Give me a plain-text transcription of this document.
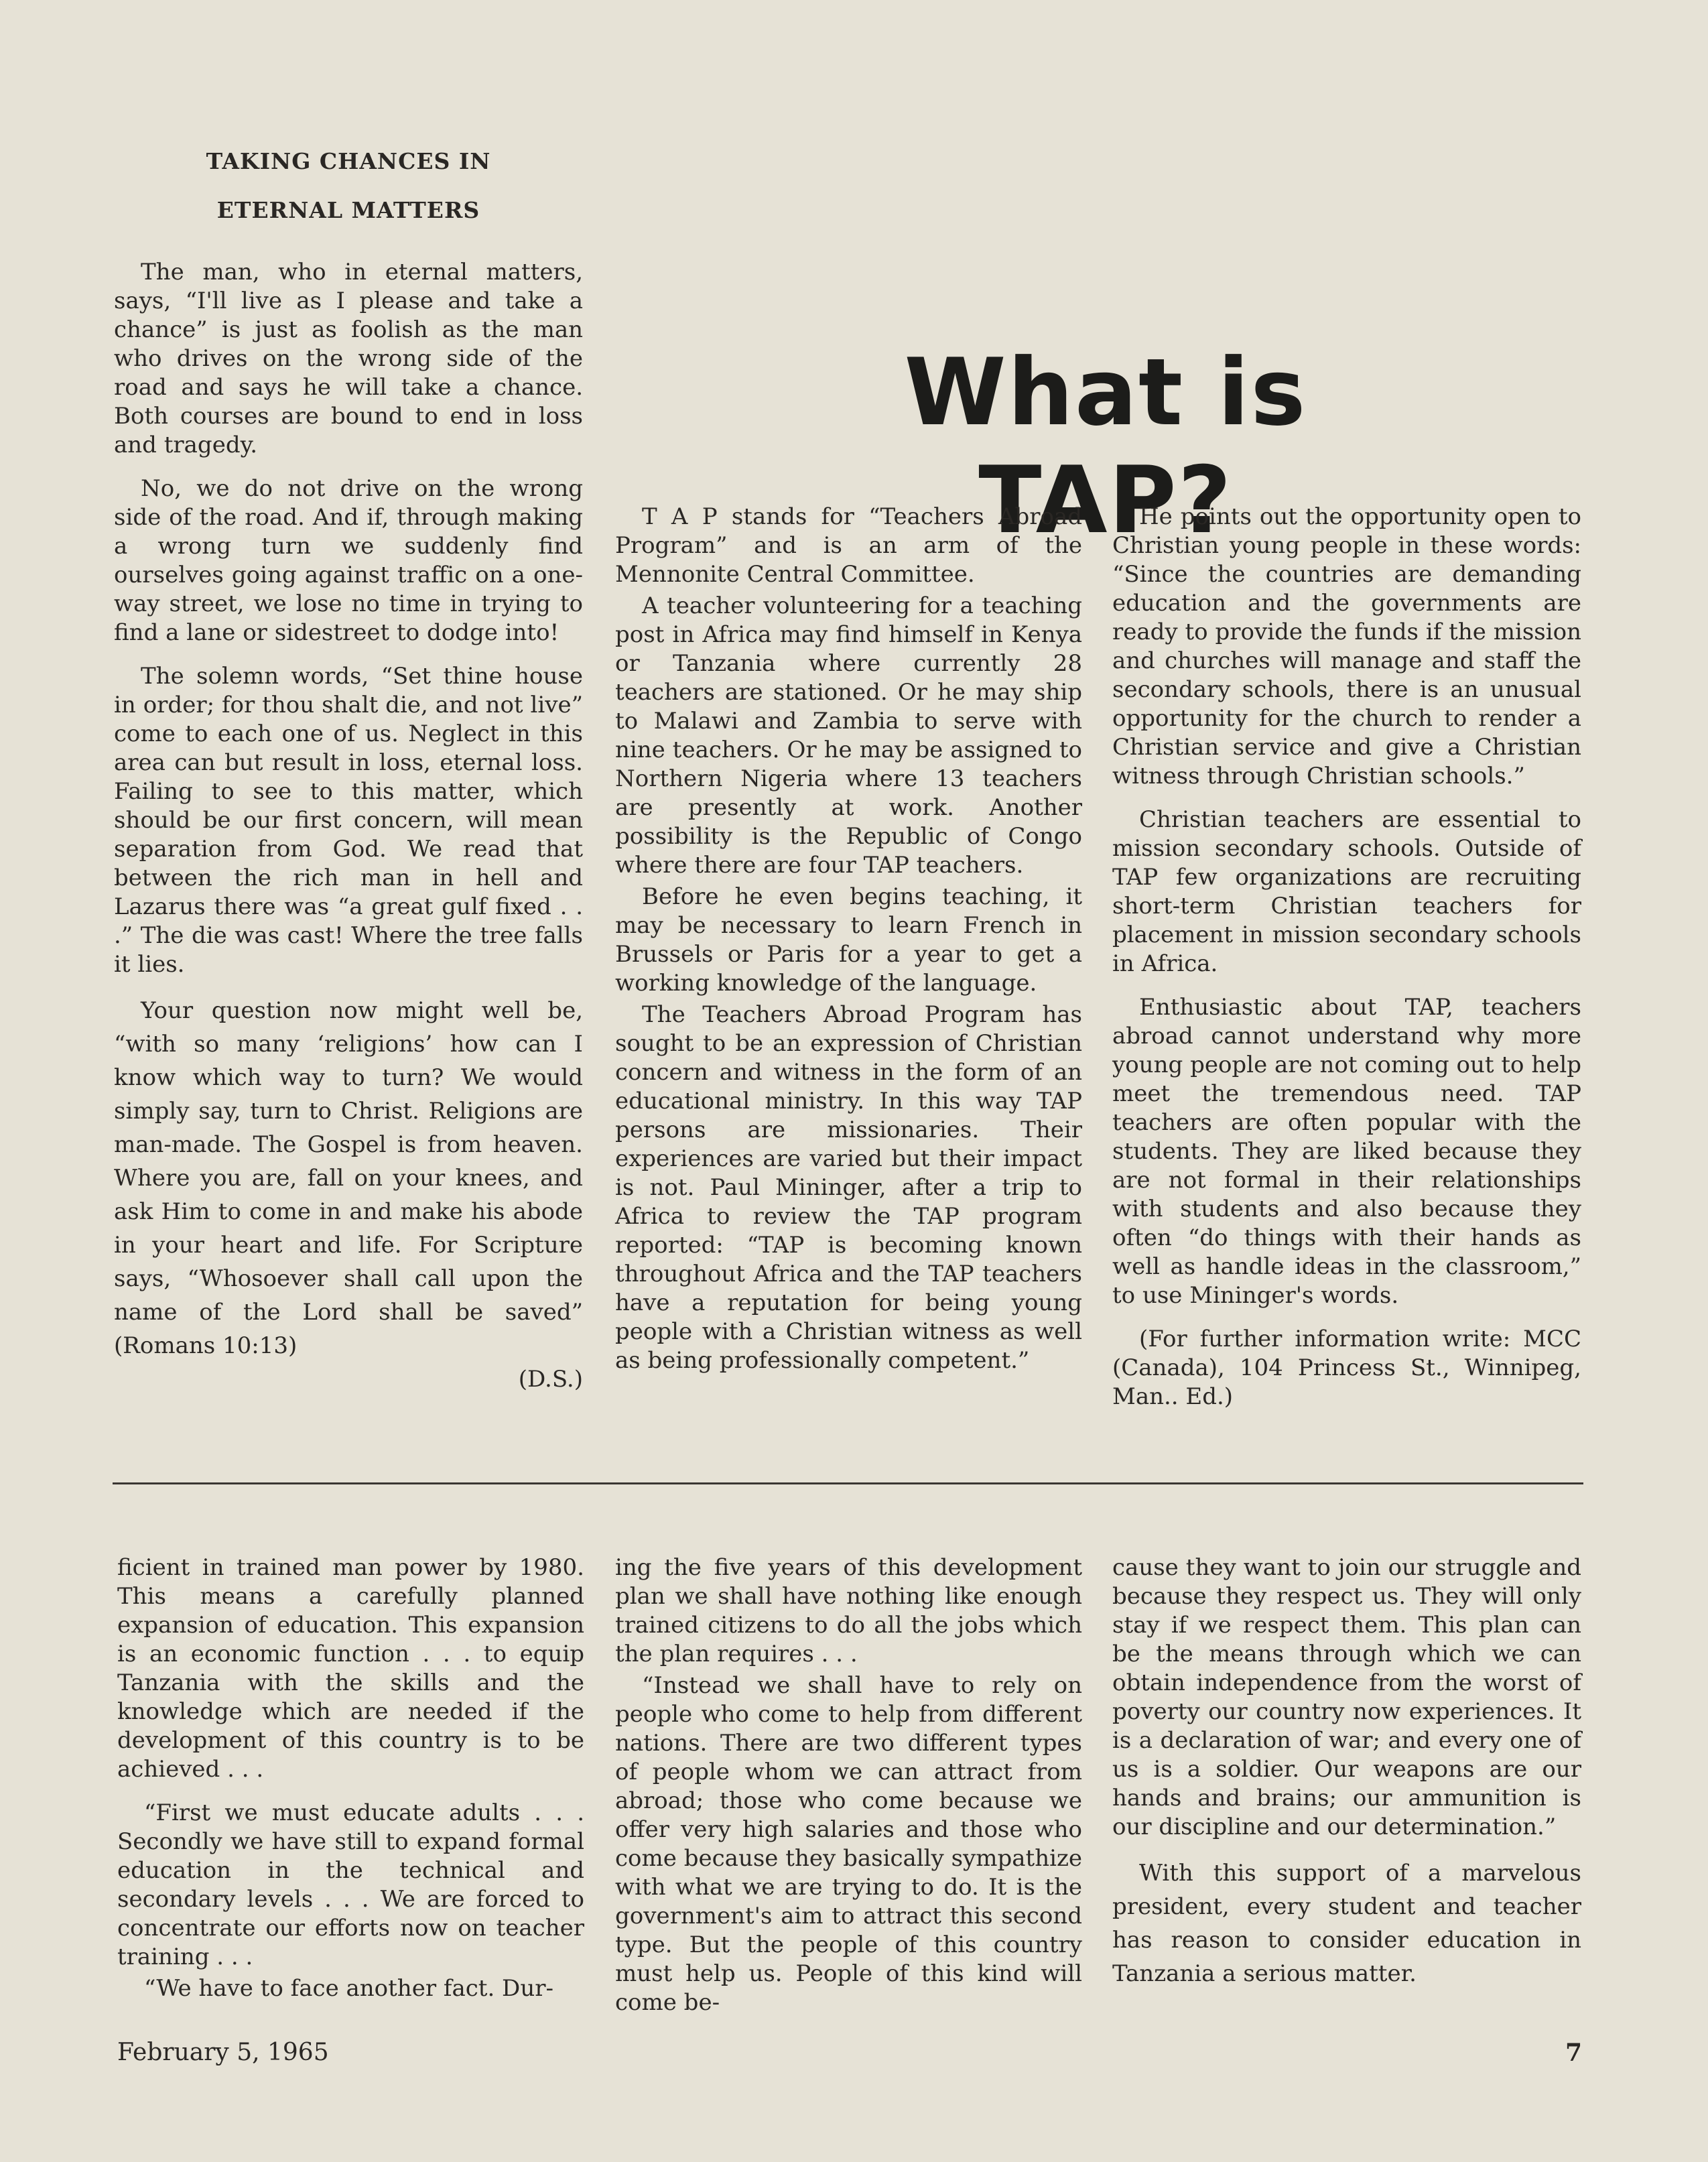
TAKING CHANCES IN
ETERNAL MATTERS

The man, who in eternal matters, says, “I'll live as I please and take a chance” is just as foolish as the man who drives on the wrong side of the road and says he will take a chance. Both courses are bound to end in loss and tragedy.

No, we do not drive on the wrong side of the road. And if, through making a wrong turn we suddenly find ourselves going against traffic on a one-way street, we lose no time in trying to find a lane or sidestreet to dodge into!

The solemn words, “Set thine house in order; for thou shalt die, and not live” come to each one of us. Neglect in this area can but result in loss, eternal loss. Failing to see to this matter, which should be our first concern, will mean separation from God. We read that between the rich man in hell and Lazarus there was “a great gulf fixed . . .” The die was cast! Where the tree falls it lies.

Your question now might well be, “with so many ‘religions’ how can I know which way to turn? We would simply say, turn to Christ. Religions are man-made. The Gospel is from heaven. Where you are, fall on your knees, and ask Him to come in and make his abode in your heart and life. For Scripture says, “Whosoever shall call upon the name of the Lord shall be saved” (Romans 10:13)

(D.S.)

What is TAP?

T A P stands for “Teachers Abroad Program” and is an arm of the Mennonite Central Committee.

A teacher volunteering for a teaching post in Africa may find himself in Kenya or Tanzania where currently 28 teachers are stationed. Or he may ship to Malawi and Zambia to serve with nine teachers. Or he may be assigned to Northern Nigeria where 13 teachers are presently at work. Another possibility is the Republic of Congo where there are four TAP teachers.

Before he even begins teaching, it may be necessary to learn French in Brussels or Paris for a year to get a working knowledge of the language.

The Teachers Abroad Program has sought to be an expression of Christian concern and witness in the form of an educational ministry. In this way TAP persons are missionaries. Their experiences are varied but their impact is not. Paul Mininger, after a trip to Africa to review the TAP program reported: “TAP is becoming known throughout Africa and the TAP teachers have a reputation for being young people with a Christian witness as well as being professionally competent.”

He points out the opportunity open to Christian young people in these words: “Since the countries are demanding education and the governments are ready to provide the funds if the mission and churches will manage and staff the secondary schools, there is an unusual opportunity for the church to render a Christian service and give a Christian witness through Christian schools.”

Christian teachers are essential to mission secondary schools. Outside of TAP few organizations are recruiting short-term Christian teachers for placement in mission secondary schools in Africa.

Enthusiastic about TAP, teachers abroad cannot understand why more young people are not coming out to help meet the tremendous need. TAP teachers are often popular with the students. They are liked because they are not formal in their relationships with students and also because they often “do things with their hands as well as handle ideas in the classroom,” to use Mininger's words.

(For further information write: MCC (Canada), 104 Princess St., Winnipeg, Man.. Ed.)

ficient in trained man power by 1980. This means a carefully planned expansion of education. This expansion is an economic function . . . to equip Tanzania with the skills and the knowledge which are needed if the development of this country is to be achieved . . .

“First we must educate adults . . . Secondly we have still to expand formal education in the technical and secondary levels . . . We are forced to concentrate our efforts now on teacher training . . .

“We have to face another fact. Dur-

ing the five years of this development plan we shall have nothing like enough trained citizens to do all the jobs which the plan requires . . .

“Instead we shall have to rely on people who come to help from different nations. There are two different types of people whom we can attract from abroad; those who come because we offer very high salaries and those who come because they basically sympathize with what we are trying to do. It is the government's aim to attract this second type. But the people of this country must help us. People of this kind will come be-

cause they want to join our struggle and because they respect us. They will only stay if we respect them. This plan can be the means through which we can obtain independence from the worst of poverty our country now experiences. It is a declaration of war; and every one of us is a soldier. Our weapons are our hands and brains; our ammunition is our discipline and our determination.”

With this support of a marvelous president, every student and teacher has reason to consider education in Tanzania a serious matter.

February 5, 1965	7
